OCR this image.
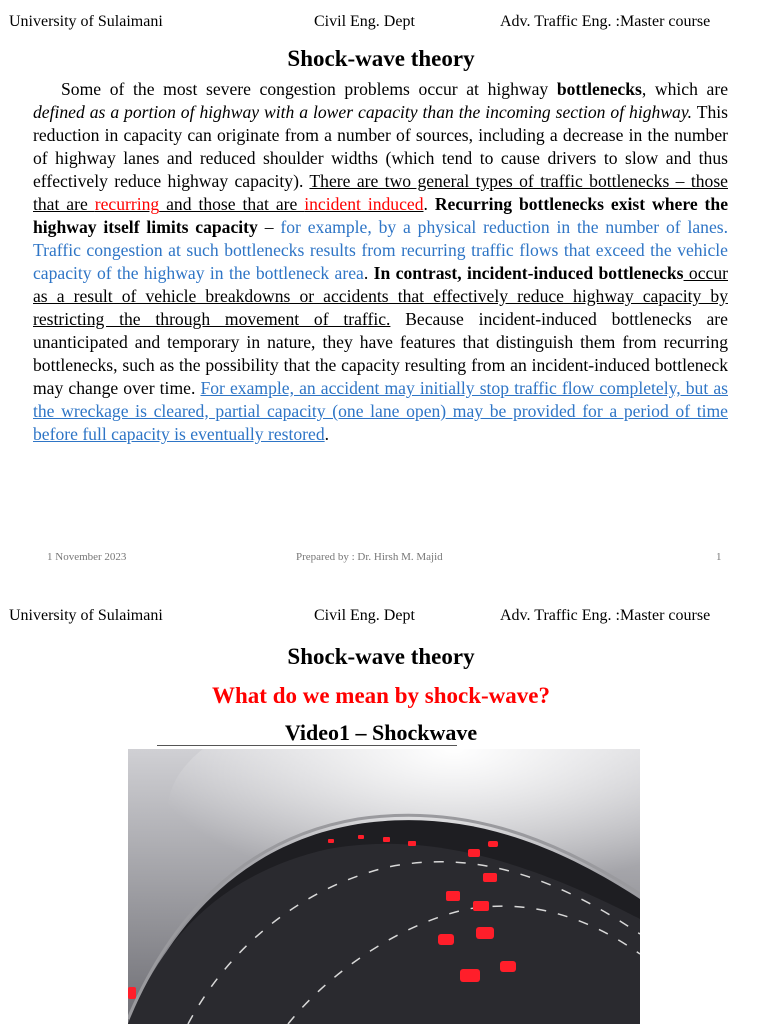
University of Sulaimani	Civil Eng. Dept	Adv. Traffic Eng. :Master course
Shock-wave theory

Some of the most severe congestion problems occur at highway bottlenecks, which are defined as a portion of highway with a lower capacity than the incoming section of highway. This reduction in capacity can originate from a number of sources, including a decrease in the number of highway lanes and reduced shoulder widths (which tend to cause drivers to slow and thus effectively reduce highway capacity). There are two general types of traffic bottlenecks – those that are recurring and those that are incident induced. Recurring bottlenecks exist where the highway itself limits capacity – for example, by a physical reduction in the number of lanes. Traffic congestion at such bottlenecks results from recurring traffic flows that exceed the vehicle capacity of the highway in the bottleneck area. In contrast, incident-induced bottlenecks occur as a result of vehicle breakdowns or accidents that effectively reduce highway capacity by restricting the through movement of traffic. Because incident-induced bottlenecks are unanticipated and temporary in nature, they have features that distinguish them from recurring bottlenecks, such as the possibility that the capacity resulting from an incident-induced bottleneck may change over time. For example, an accident may initially stop traffic flow completely, but as the wreckage is cleared, partial capacity (one lane open) may be provided for a period of time before full capacity is eventually restored.

1 November 2023	Prepared by : Dr. Hirsh M. Majid	1
University of Sulaimani	Civil Eng. Dept	Adv. Traffic Eng. :Master course
Shock-wave theory
What do we mean by shock-wave?
Video1 – Shockwave
